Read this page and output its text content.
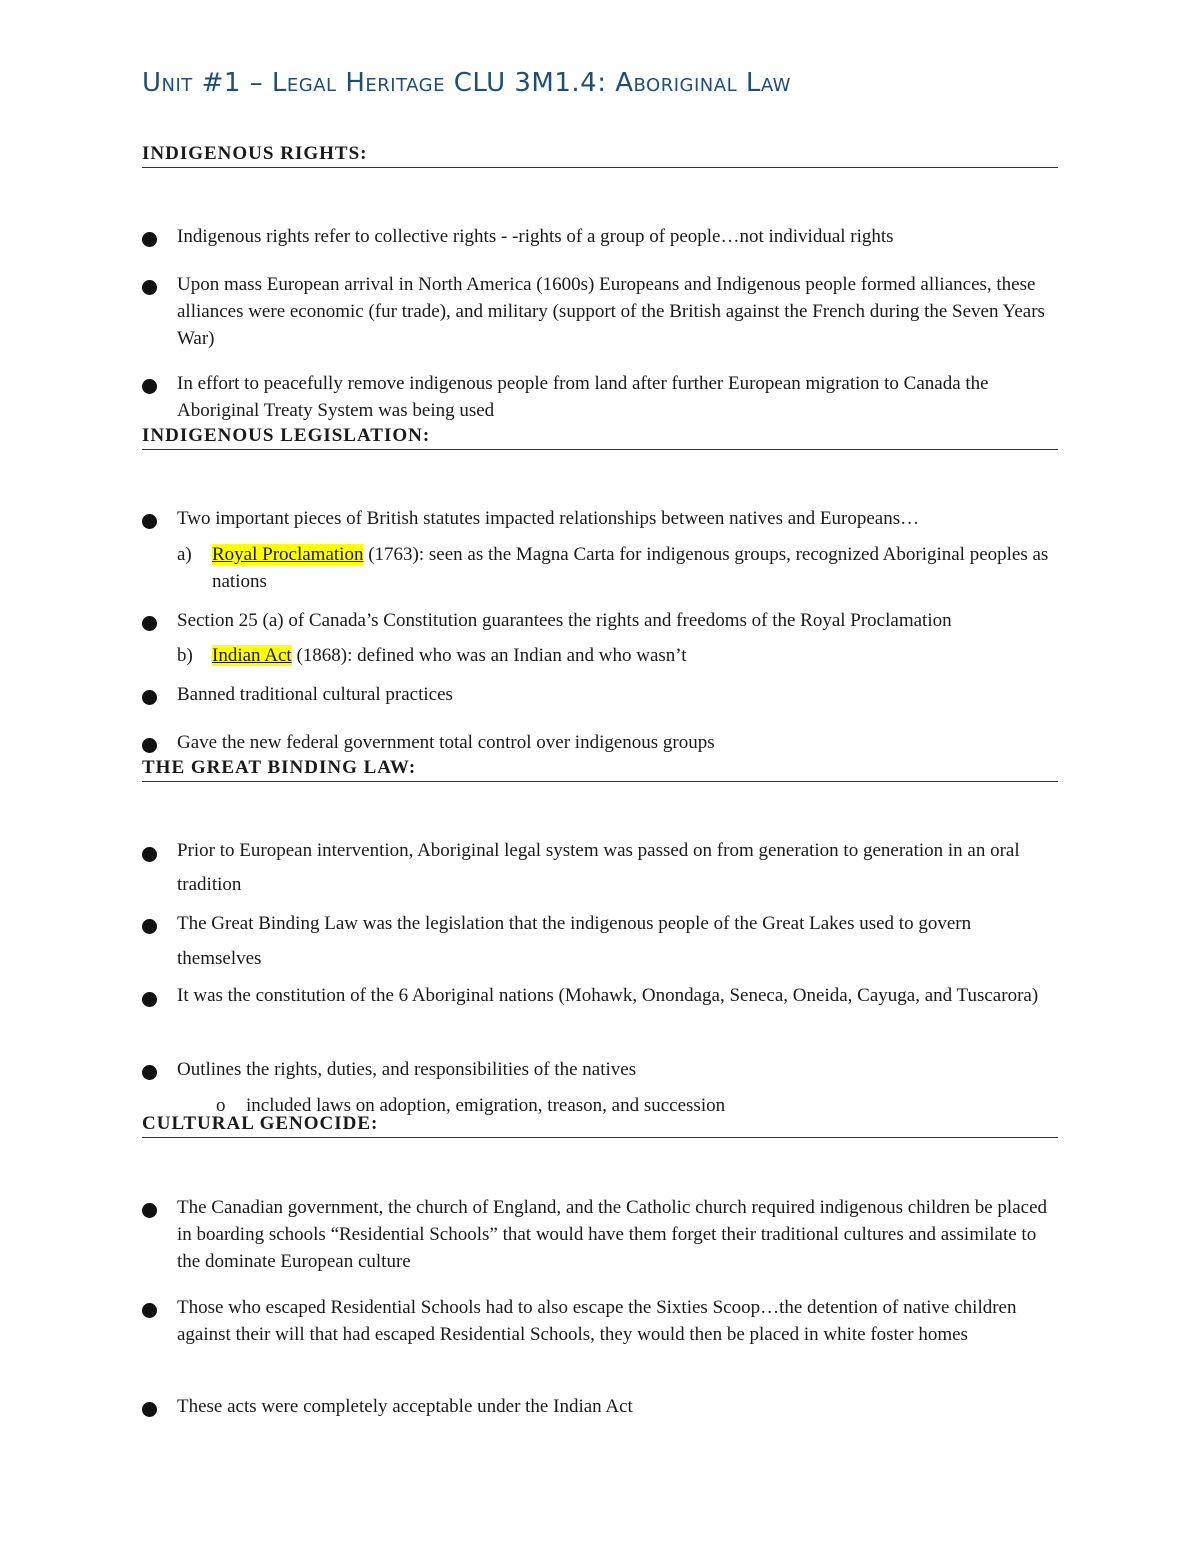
Unit #1 – Legal Heritage CLU 3M1.4: Aboriginal Law
INDIGENOUS RIGHTS:
Indigenous rights refer to collective rights - -rights of a group of people…not individual rights
Upon mass European arrival in North America (1600s) Europeans and Indigenous people formed alliances, these alliances were economic (fur trade), and military (support of the British against the French during the Seven Years War)
In effort to peacefully remove indigenous people from land after further European migration to Canada the Aboriginal Treaty System was being used
INDIGENOUS LEGISLATION:
Two important pieces of British statutes impacted relationships between natives and Europeans…
a) Royal Proclamation (1763): seen as the Magna Carta for indigenous groups, recognized Aboriginal peoples as nations
Section 25 (a) of Canada’s Constitution guarantees the rights and freedoms of the Royal Proclamation
b) Indian Act (1868): defined who was an Indian and who wasn’t
Banned traditional cultural practices
Gave the new federal government total control over indigenous groups
THE GREAT BINDING LAW:
Prior to European intervention, Aboriginal legal system was passed on from generation to generation in an oral tradition
The Great Binding Law was the legislation that the indigenous people of the Great Lakes used to govern themselves
It was the constitution of the 6 Aboriginal nations (Mohawk, Onondaga, Seneca, Oneida, Cayuga, and Tuscarora)
Outlines the rights, duties, and responsibilities of the natives
o included laws on adoption, emigration, treason, and succession
CULTURAL GENOCIDE:
The Canadian government, the church of England, and the Catholic church required indigenous children be placed in boarding schools “Residential Schools” that would have them forget their traditional cultures and assimilate to the dominate European culture
Those who escaped Residential Schools had to also escape the Sixties Scoop…the detention of native children against their will that had escaped Residential Schools, they would then be placed in white foster homes
These acts were completely acceptable under the Indian Act
